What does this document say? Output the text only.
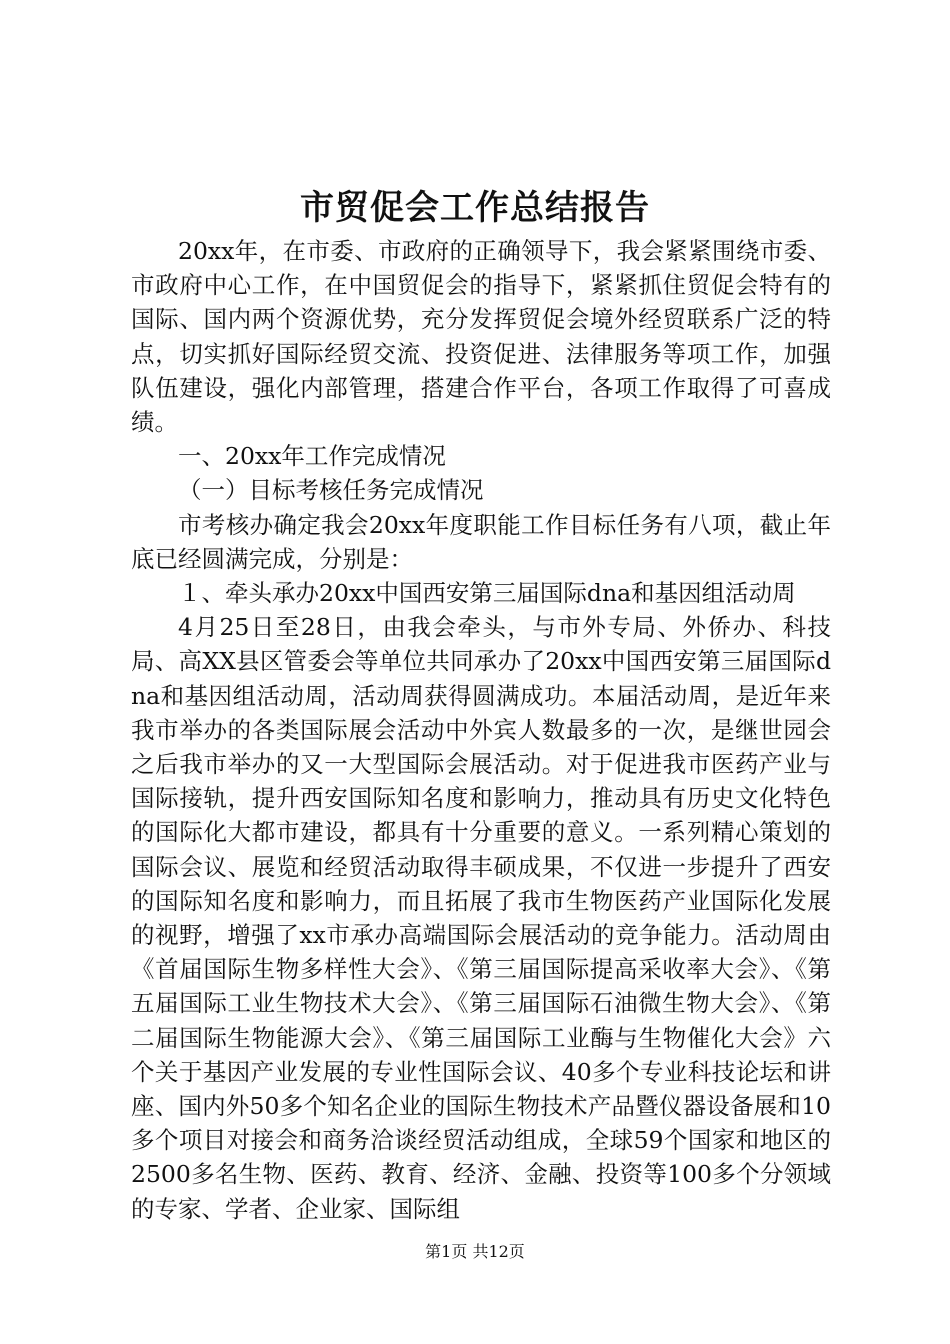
市贸促会工作总结报告

20xx年，在市委、市政府的正确领导下，我会紧紧围绕市委、市政府中心工作，在中国贸促会的指导下，紧紧抓住贸促会特有的国际、国内两个资源优势，充分发挥贸促会境外经贸联系广泛的特点，切实抓好国际经贸交流、投资促进、法律服务等项工作，加强队伍建设，强化内部管理，搭建合作平台，各项工作取得了可喜成绩。

一、20xx年工作完成情况

（一）目标考核任务完成情况

市考核办确定我会20xx年度职能工作目标任务有八项，截止年底已经圆满完成，分别是：

１、牵头承办20xx中国西安第三届国际dna和基因组活动周

4月25日至28日，由我会牵头，与市外专局、外侨办、科技局、高XX县区管委会等单位共同承办了20xx中国西安第三届国际dna和基因组活动周，活动周获得圆满成功。本届活动周，是近年来我市举办的各类国际展会活动中外宾人数最多的一次，是继世园会之后我市举办的又一大型国际会展活动。对于促进我市医药产业与国际接轨，提升西安国际知名度和影响力，推动具有历史文化特色的国际化大都市建设，都具有十分重要的意义。一系列精心策划的国际会议、展览和经贸活动取得丰硕成果，不仅进一步提升了西安的国际知名度和影响力，而且拓展了我市生物医药产业国际化发展的视野，增强了xx市承办高端国际会展活动的竞争能力。活动周由《首届国际生物多样性大会》、《第三届国际提高采收率大会》、《第五届国际工业生物技术大会》、《第三届国际石油微生物大会》、《第二届国际生物能源大会》、《第三届国际工业酶与生物催化大会》六个关于基因产业发展的专业性国际会议、40多个专业科技论坛和讲座、国内外50多个知名企业的国际生物技术产品暨仪器设备展和10多个项目对接会和商务洽谈经贸活动组成，全球59个国家和地区的2500多名生物、医药、教育、经济、金融、投资等100多个分领域的专家、学者、企业家、国际组

第1页 共12页
